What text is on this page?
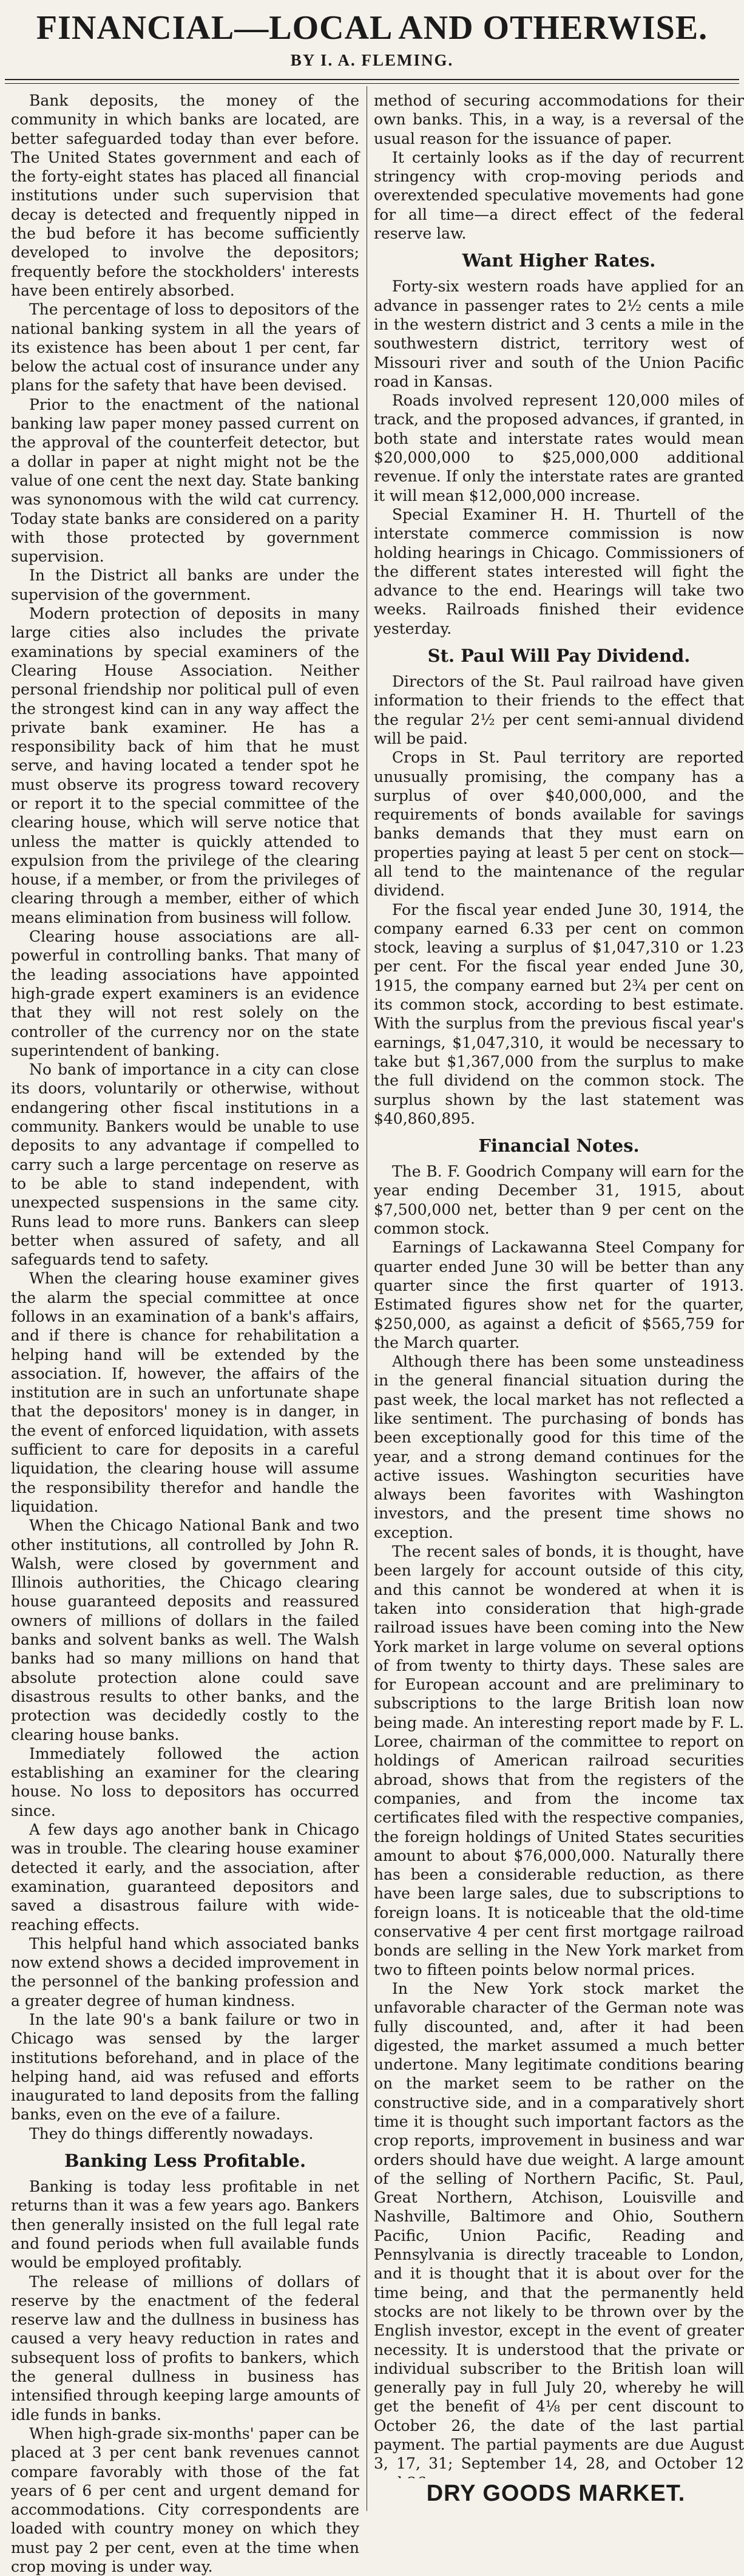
FINANCIAL—LOCAL AND OTHERWISE.
BY I. A. FLEMING.

Bank deposits, the money of the community in which banks are located, are better safeguarded today than ever before. The United States government and each of the forty-eight states has placed all financial institutions under such supervision that decay is detected and frequently nipped in the bud before it has become sufficiently developed to involve the depositors; frequently before the stockholders' interests have been entirely absorbed.

The percentage of loss to depositors of the national banking system in all the years of its existence has been about 1 per cent, far below the actual cost of insurance under any plans for the safety that have been devised.

Prior to the enactment of the national banking law paper money passed current on the approval of the counterfeit detector, but a dollar in paper at night might not be the value of one cent the next day. State banking was synonomous with the wild cat currency. Today state banks are considered on a parity with those protected by government supervision.

In the District all banks are under the supervision of the government.

Modern protection of deposits in many large cities also includes the private examinations by special examiners of the Clearing House Association. Neither personal friendship nor political pull of even the strongest kind can in any way affect the private bank examiner. He has a responsibility back of him that he must serve, and having located a tender spot he must observe its progress toward recovery or report it to the special committee of the clearing house, which will serve notice that unless the matter is quickly attended to expulsion from the privilege of the clearing house, if a member, or from the privileges of clearing through a member, either of which means elimination from business will follow.

Clearing house associations are all-powerful in controlling banks. That many of the leading associations have appointed high-grade expert examiners is an evidence that they will not rest solely on the controller of the currency nor on the state superintendent of banking.

No bank of importance in a city can close its doors, voluntarily or otherwise, without endangering other fiscal institutions in a community. Bankers would be unable to use deposits to any advantage if compelled to carry such a large percentage on reserve as to be able to stand independent, with unexpected suspensions in the same city. Runs lead to more runs. Bankers can sleep better when assured of safety, and all safeguards tend to safety.

When the clearing house examiner gives the alarm the special committee at once follows in an examination of a bank's affairs, and if there is chance for rehabilitation a helping hand will be extended by the association. If, however, the affairs of the institution are in such an unfortunate shape that the depositors' money is in danger, in the event of enforced liquidation, with assets sufficient to care for deposits in a careful liquidation, the clearing house will assume the responsibility therefor and handle the liquidation.

When the Chicago National Bank and two other institutions, all controlled by John R. Walsh, were closed by government and Illinois authorities, the Chicago clearing house guaranteed deposits and reassured owners of millions of dollars in the failed banks and solvent banks as well. The Walsh banks had so many millions on hand that absolute protection alone could save disastrous results to other banks, and the protection was decidedly costly to the clearing house banks.

Immediately followed the action establishing an examiner for the clearing house. No loss to depositors has occurred since.

A few days ago another bank in Chicago was in trouble. The clearing house examiner detected it early, and the association, after examination, guaranteed depositors and saved a disastrous failure with wide-reaching effects.

This helpful hand which associated banks now extend shows a decided improvement in the personnel of the banking profession and a greater degree of human kindness.

In the late 90's a bank failure or two in Chicago was sensed by the larger institutions beforehand, and in place of the helping hand, aid was refused and efforts inaugurated to land deposits from the falling banks, even on the eve of a failure.

They do things differently nowadays.

Banking Less Profitable.

Banking is today less profitable in net returns than it was a few years ago. Bankers then generally insisted on the full legal rate and found periods when full available funds would be employed profitably.

The release of millions of dollars of reserve by the enactment of the federal reserve law and the dullness in business has caused a very heavy reduction in rates and subsequent loss of profits to bankers, which the general dullness in business has intensified through keeping large amounts of idle funds in banks.

When high-grade six-months' paper can be placed at 3 per cent bank revenues cannot compare favorably with those of the fat years of 6 per cent and urgent demand for accommodations. City correspondents are loaded with country money on which they must pay 2 per cent, even at the time when crop moving is under way.

method of securing accommodations for their own banks. This, in a way, is a reversal of the usual reason for the issuance of paper.

It certainly looks as if the day of recurrent stringency with crop-moving periods and overextended speculative movements had gone for all time—a direct effect of the federal reserve law.

Want Higher Rates.

Forty-six western roads have applied for an advance in passenger rates to 2½ cents a mile in the western district and 3 cents a mile in the southwestern district, territory west of Missouri river and south of the Union Pacific road in Kansas.

Roads involved represent 120,000 miles of track, and the proposed advances, if granted, in both state and interstate rates would mean $20,000,000 to $25,000,000 additional revenue. If only the interstate rates are granted it will mean $12,000,000 increase.

Special Examiner H. H. Thurtell of the interstate commerce commission is now holding hearings in Chicago. Commissioners of the different states interested will fight the advance to the end. Hearings will take two weeks. Railroads finished their evidence yesterday.

St. Paul Will Pay Dividend.

Directors of the St. Paul railroad have given information to their friends to the effect that the regular 2½ per cent semi-annual dividend will be paid.

Crops in St. Paul territory are reported unusually promising, the company has a surplus of over $40,000,000, and the requirements of bonds available for savings banks demands that they must earn on properties paying at least 5 per cent on stock—all tend to the maintenance of the regular dividend.

For the fiscal year ended June 30, 1914, the company earned 6.33 per cent on common stock, leaving a surplus of $1,047,310 or 1.23 per cent. For the fiscal year ended June 30, 1915, the company earned but 2¾ per cent on its common stock, according to best estimate. With the surplus from the previous fiscal year's earnings, $1,047,310, it would be necessary to take but $1,367,000 from the surplus to make the full dividend on the common stock. The surplus shown by the last statement was $40,860,895.

Financial Notes.

The B. F. Goodrich Company will earn for the year ending December 31, 1915, about $7,500,000 net, better than 9 per cent on the common stock.

Earnings of Lackawanna Steel Company for quarter ended June 30 will be better than any quarter since the first quarter of 1913. Estimated figures show net for the quarter, $250,000, as against a deficit of $565,759 for the March quarter.

Although there has been some unsteadiness in the general financial situation during the past week, the local market has not reflected a like sentiment. The purchasing of bonds has been exceptionally good for this time of the year, and a strong demand continues for the active issues. Washington securities have always been favorites with Washington investors, and the present time shows no exception.

The recent sales of bonds, it is thought, have been largely for account outside of this city, and this cannot be wondered at when it is taken into consideration that high-grade railroad issues have been coming into the New York market in large volume on several options of from twenty to thirty days. These sales are for European account and are preliminary to subscriptions to the large British loan now being made. An interesting report made by F. L. Loree, chairman of the committee to report on holdings of American railroad securities abroad, shows that from the registers of the companies, and from the income tax certificates filed with the respective companies, the foreign holdings of United States securities amount to about $76,000,000. Naturally there has been a considerable reduction, as there have been large sales, due to subscriptions to foreign loans. It is noticeable that the old-time conservative 4 per cent first mortgage railroad bonds are selling in the New York market from two to fifteen points below normal prices.

In the New York stock market the unfavorable character of the German note was fully discounted, and, after it had been digested, the market assumed a much better undertone. Many legitimate conditions bearing on the market seem to be rather on the constructive side, and in a comparatively short time it is thought such important factors as the crop reports, improvement in business and war orders should have due weight. A large amount of the selling of Northern Pacific, St. Paul, Great Northern, Atchison, Louisville and Nashville, Baltimore and Ohio, Southern Pacific, Union Pacific, Reading and Pennsylvania is directly traceable to London, and it is thought that it is about over for the time being, and that the permanently held stocks are not likely to be thrown over by the English investor, except in the event of greater necessity. It is understood that the private or individual subscriber to the British loan will generally pay in full July 20, whereby he will get the benefit of 4⅛ per cent discount to October 26, the date of the last partial payment. The partial payments are due August 3, 17, 31; September 14, 28, and October 12

DRY GOODS MARKET.
